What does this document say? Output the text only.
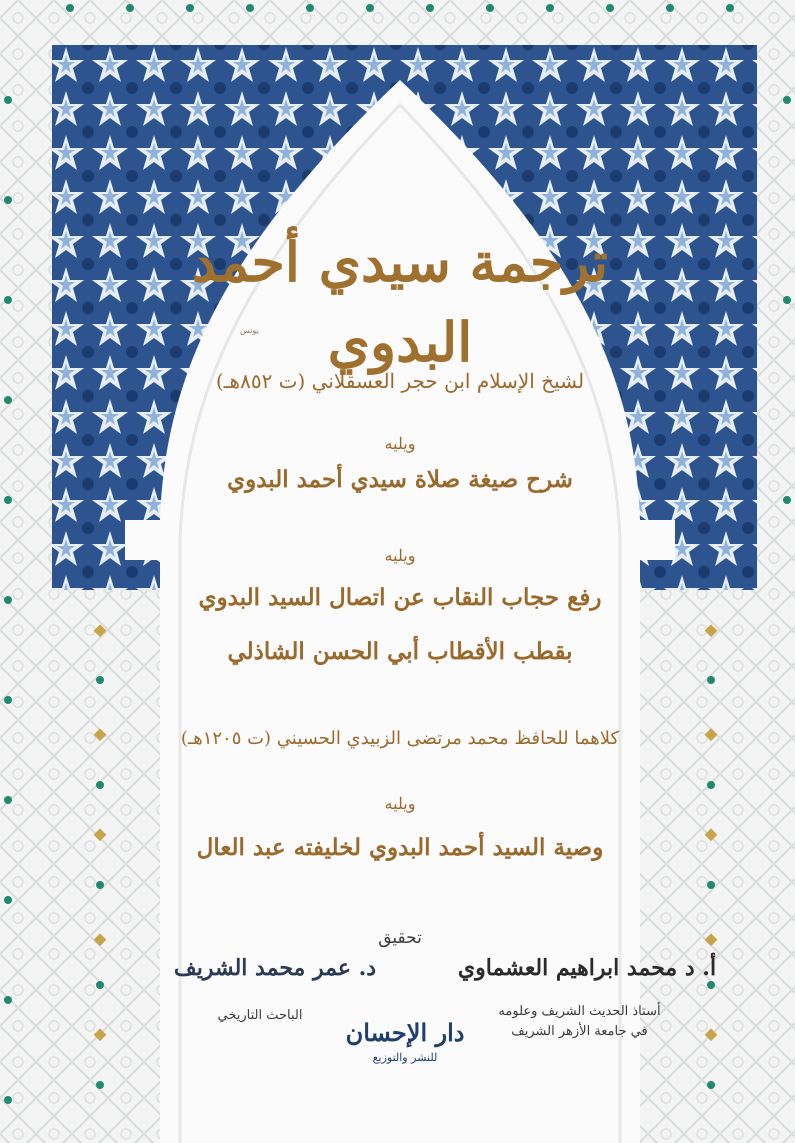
ترجمة سيدي أحمد البدوي
يونس
لشيخ الإسلام ابن حجر العسقلاني (ت ٨٥٢هـ)
ويليه
شرح صيغة صلاة سيدي أحمد البدوي
ويليه
رفع حجاب النقاب عن اتصال السيد البدوي
بقطب الأقطاب أبي الحسن الشاذلي
كلاهما للحافظ محمد مرتضى الزبيدي الحسيني (ت ١٢٠٥هـ)
ويليه
وصية السيد أحمد البدوي لخليفته عبد العال
تحقيق
أ. د محمد ابراهيم العشماوي
أستاذ الحديث الشريف وعلومه
في جامعة الأزهر الشريف
د. عمر محمد الشريف
الباحث التاريخي
دار الإحسان
للنشر والتوزيع
